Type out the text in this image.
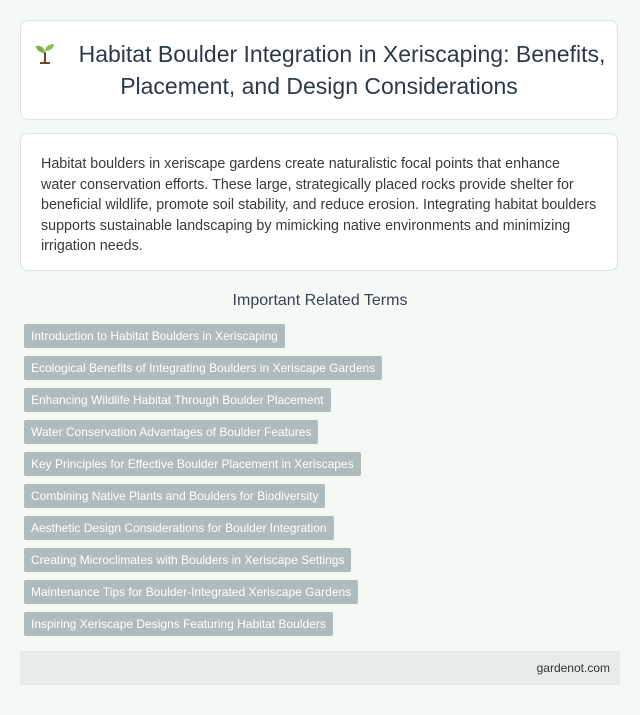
Habitat Boulder Integration in Xeriscaping: Benefits, Placement, and Design Considerations

Habitat boulders in xeriscape gardens create naturalistic focal points that enhance water conservation efforts. These large, strategically placed rocks provide shelter for beneficial wildlife, promote soil stability, and reduce erosion. Integrating habitat boulders supports sustainable landscaping by mimicking native environments and minimizing irrigation needs.

Important Related Terms
Introduction to Habitat Boulders in Xeriscaping
Ecological Benefits of Integrating Boulders in Xeriscape Gardens
Enhancing Wildlife Habitat Through Boulder Placement
Water Conservation Advantages of Boulder Features
Key Principles for Effective Boulder Placement in Xeriscapes
Combining Native Plants and Boulders for Biodiversity
Aesthetic Design Considerations for Boulder Integration
Creating Microclimates with Boulders in Xeriscape Settings
Maintenance Tips for Boulder-Integrated Xeriscape Gardens
Inspiring Xeriscape Designs Featuring Habitat Boulders
gardenot.com
